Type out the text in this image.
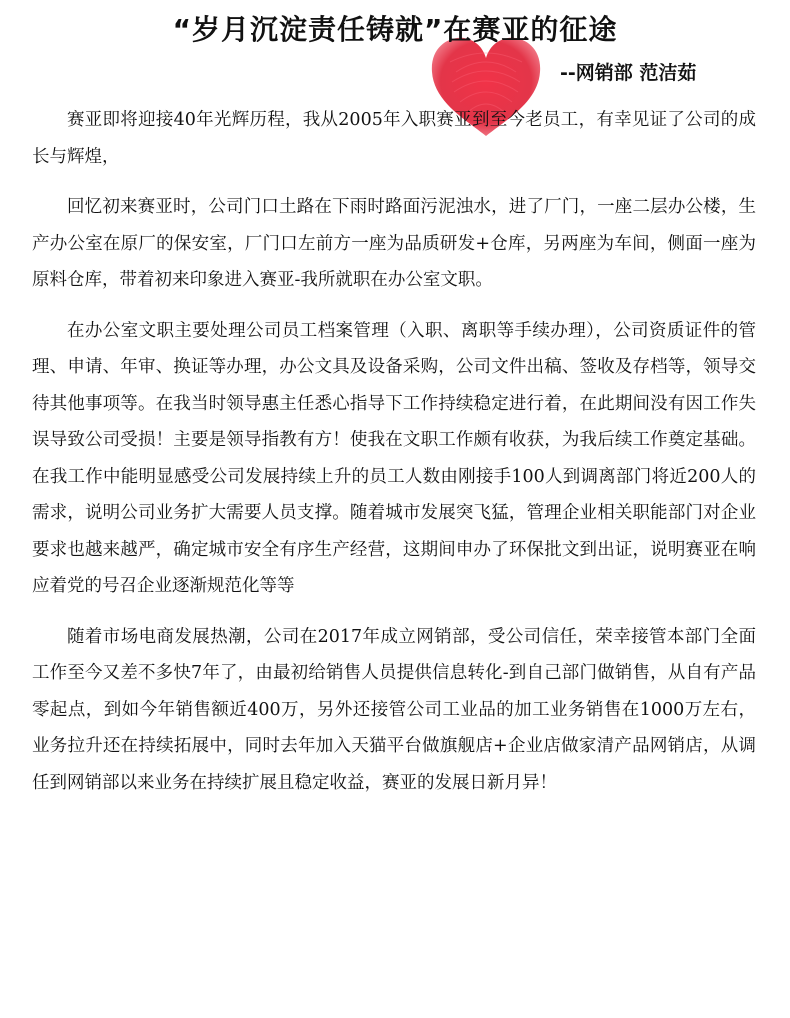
“岁月沉淀责任铸就”在赛亚的征途
--网销部 范洁茹

赛亚即将迎接40年光辉历程，我从2005年入职赛亚到至今老员工，有幸见证了公司的成长与辉煌，

回忆初来赛亚时，公司门口土路在下雨时路面污泥浊水，进了厂门，一座二层办公楼，生产办公室在原厂的保安室，厂门口左前方一座为品质研发+仓库，另两座为车间，侧面一座为原料仓库，带着初来印象进入赛亚-我所就职在办公室文职。

在办公室文职主要处理公司员工档案管理（入职、离职等手续办理），公司资质证件的管理、申请、年审、换证等办理，办公文具及设备采购，公司文件出稿、签收及存档等，领导交待其他事项等。在我当时领导惠主任悉心指导下工作持续稳定进行着，在此期间没有因工作失误导致公司受损！主要是领导指教有方！使我在文职工作颇有收获，为我后续工作奠定基础。在我工作中能明显感受公司发展持续上升的员工人数由刚接手100人到调离部门将近200人的需求，说明公司业务扩大需要人员支撑。随着城市发展突飞猛，管理企业相关职能部门对企业要求也越来越严，确定城市安全有序生产经营，这期间申办了环保批文到出证，说明赛亚在响应着党的号召企业逐渐规范化等等

随着市场电商发展热潮，公司在2017年成立网销部，受公司信任，荣幸接管本部门全面工作至今又差不多快7年了，由最初给销售人员提供信息转化-到自己部门做销售，从自有产品零起点，到如今年销售额近400万，另外还接管公司工业品的加工业务销售在1000万左右，业务拉升还在持续拓展中，同时去年加入天猫平台做旗舰店+企业店做家清产品网销店，从调任到网销部以来业务在持续扩展且稳定收益，赛亚的发展日新月异！
